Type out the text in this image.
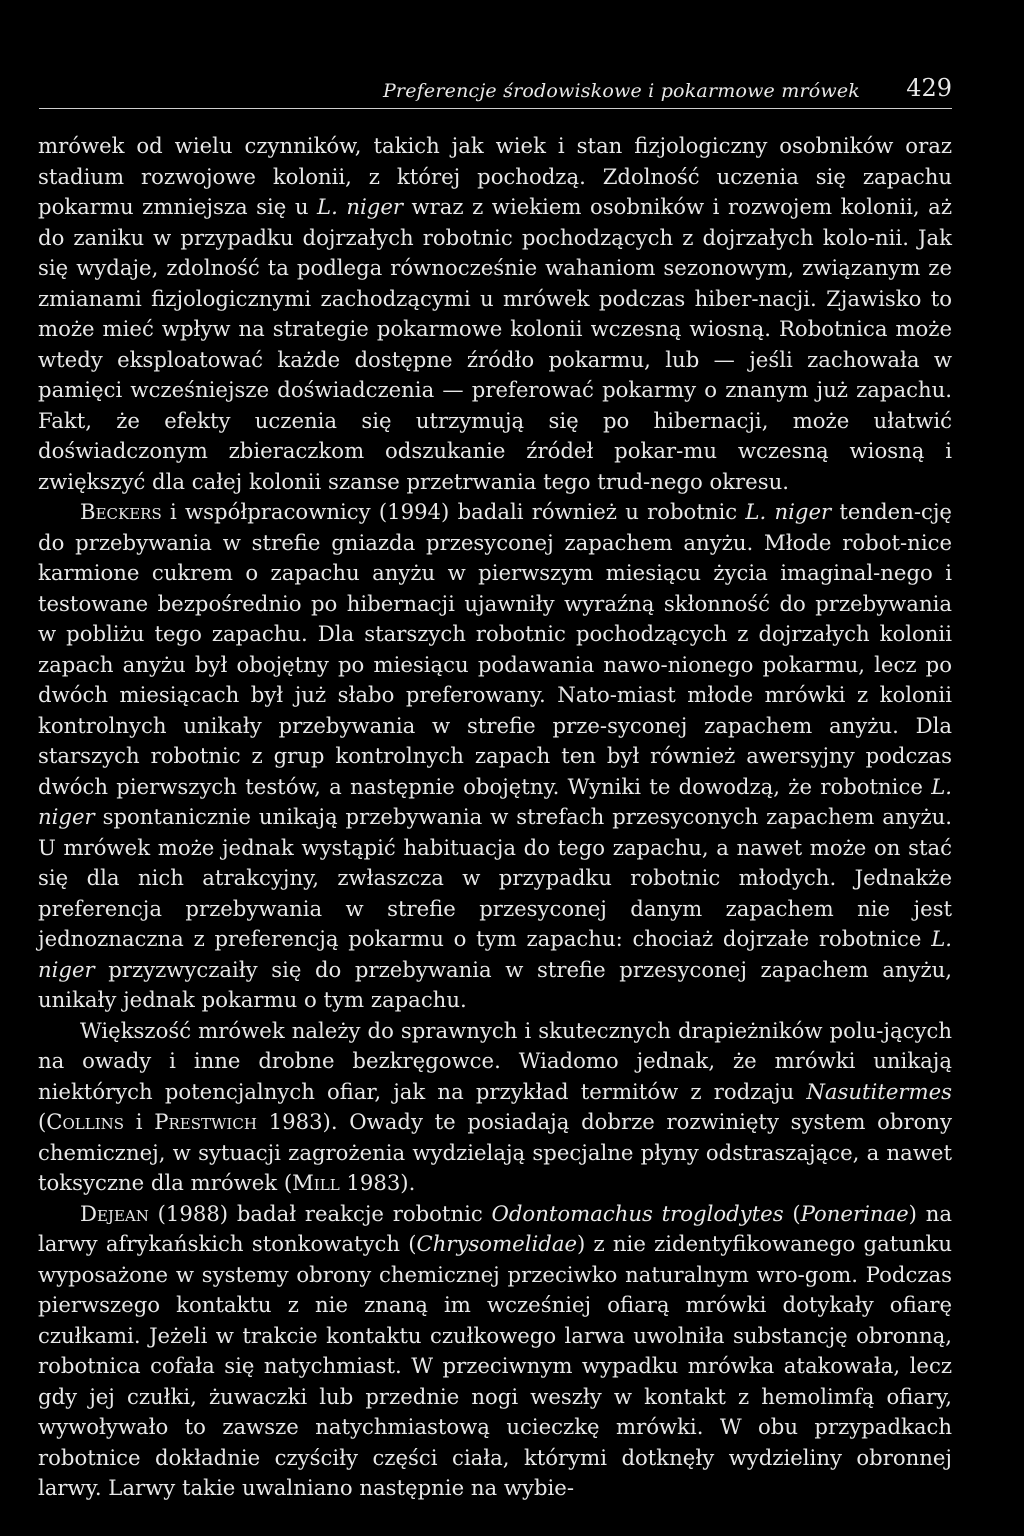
Preferencje środowiskowe i pokarmowe mrówek 429

mrówek od wielu czynników, takich jak wiek i stan fizjologiczny osobników oraz stadium rozwojowe kolonii, z której pochodzą. Zdolność uczenia się zapachu pokarmu zmniejsza się u L. niger wraz z wiekiem osobników i rozwojem kolonii, aż do zaniku w przypadku dojrzałych robotnic pochodzących z dojrzałych kolo-nii. Jak się wydaje, zdolność ta podlega równocześnie wahaniom sezonowym, związanym ze zmianami fizjologicznymi zachodzącymi u mrówek podczas hiber-nacji. Zjawisko to może mieć wpływ na strategie pokarmowe kolonii wczesną wiosną. Robotnica może wtedy eksploatować każde dostępne źródło pokarmu, lub — jeśli zachowała w pamięci wcześniejsze doświadczenia — preferować pokarmy o znanym już zapachu. Fakt, że efekty uczenia się utrzymują się po hibernacji, może ułatwić doświadczonym zbieraczkom odszukanie źródeł pokar-mu wczesną wiosną i zwiększyć dla całej kolonii szanse przetrwania tego trud-nego okresu.

Beckers i współpracownicy (1994) badali również u robotnic L. niger tenden-cję do przebywania w strefie gniazda przesyconej zapachem anyżu. Młode robot-nice karmione cukrem o zapachu anyżu w pierwszym miesiącu życia imaginal-nego i testowane bezpośrednio po hibernacji ujawniły wyraźną skłonność do przebywania w pobliżu tego zapachu. Dla starszych robotnic pochodzących z dojrzałych kolonii zapach anyżu był obojętny po miesiącu podawania nawo-nionego pokarmu, lecz po dwóch miesiącach był już słabo preferowany. Nato-miast młode mrówki z kolonii kontrolnych unikały przebywania w strefie prze-syconej zapachem anyżu. Dla starszych robotnic z grup kontrolnych zapach ten był również awersyjny podczas dwóch pierwszych testów, a następnie obojętny. Wyniki te dowodzą, że robotnice L. niger spontanicznie unikają przebywania w strefach przesyconych zapachem anyżu. U mrówek może jednak wystąpić habituacja do tego zapachu, a nawet może on stać się dla nich atrakcyjny, zwłaszcza w przypadku robotnic młodych. Jednakże preferencja przebywania w strefie przesyconej danym zapachem nie jest jednoznaczna z preferencją pokarmu o tym zapachu: chociaż dojrzałe robotnice L. niger przyzwyczaiły się do przebywania w strefie przesyconej zapachem anyżu, unikały jednak pokarmu o tym zapachu.

Większość mrówek należy do sprawnych i skutecznych drapieżników polu-jących na owady i inne drobne bezkręgowce. Wiadomo jednak, że mrówki unikają niektórych potencjalnych ofiar, jak na przykład termitów z rodzaju Nasutitermes (Collins i Prestwich 1983). Owady te posiadają dobrze rozwinięty system obrony chemicznej, w sytuacji zagrożenia wydzielają specjalne płyny odstraszające, a nawet toksyczne dla mrówek (Mill 1983).

Dejean (1988) badał reakcje robotnic Odontomachus troglodytes (Ponerinae) na larwy afrykańskich stonkowatych (Chrysomelidae) z nie zidentyfikowanego gatunku wyposażone w systemy obrony chemicznej przeciwko naturalnym wro-gom. Podczas pierwszego kontaktu z nie znaną im wcześniej ofiarą mrówki dotykały ofiarę czułkami. Jeżeli w trakcie kontaktu czułkowego larwa uwolniła substancję obronną, robotnica cofała się natychmiast. W przeciwnym wypadku mrówka atakowała, lecz gdy jej czułki, żuwaczki lub przednie nogi weszły w kontakt z hemolimfą ofiary, wywoływało to zawsze natychmiastową ucieczkę mrówki. W obu przypadkach robotnice dokładnie czyściły części ciała, którymi dotknęły wydzieliny obronnej larwy. Larwy takie uwalniano następnie na wybie-
